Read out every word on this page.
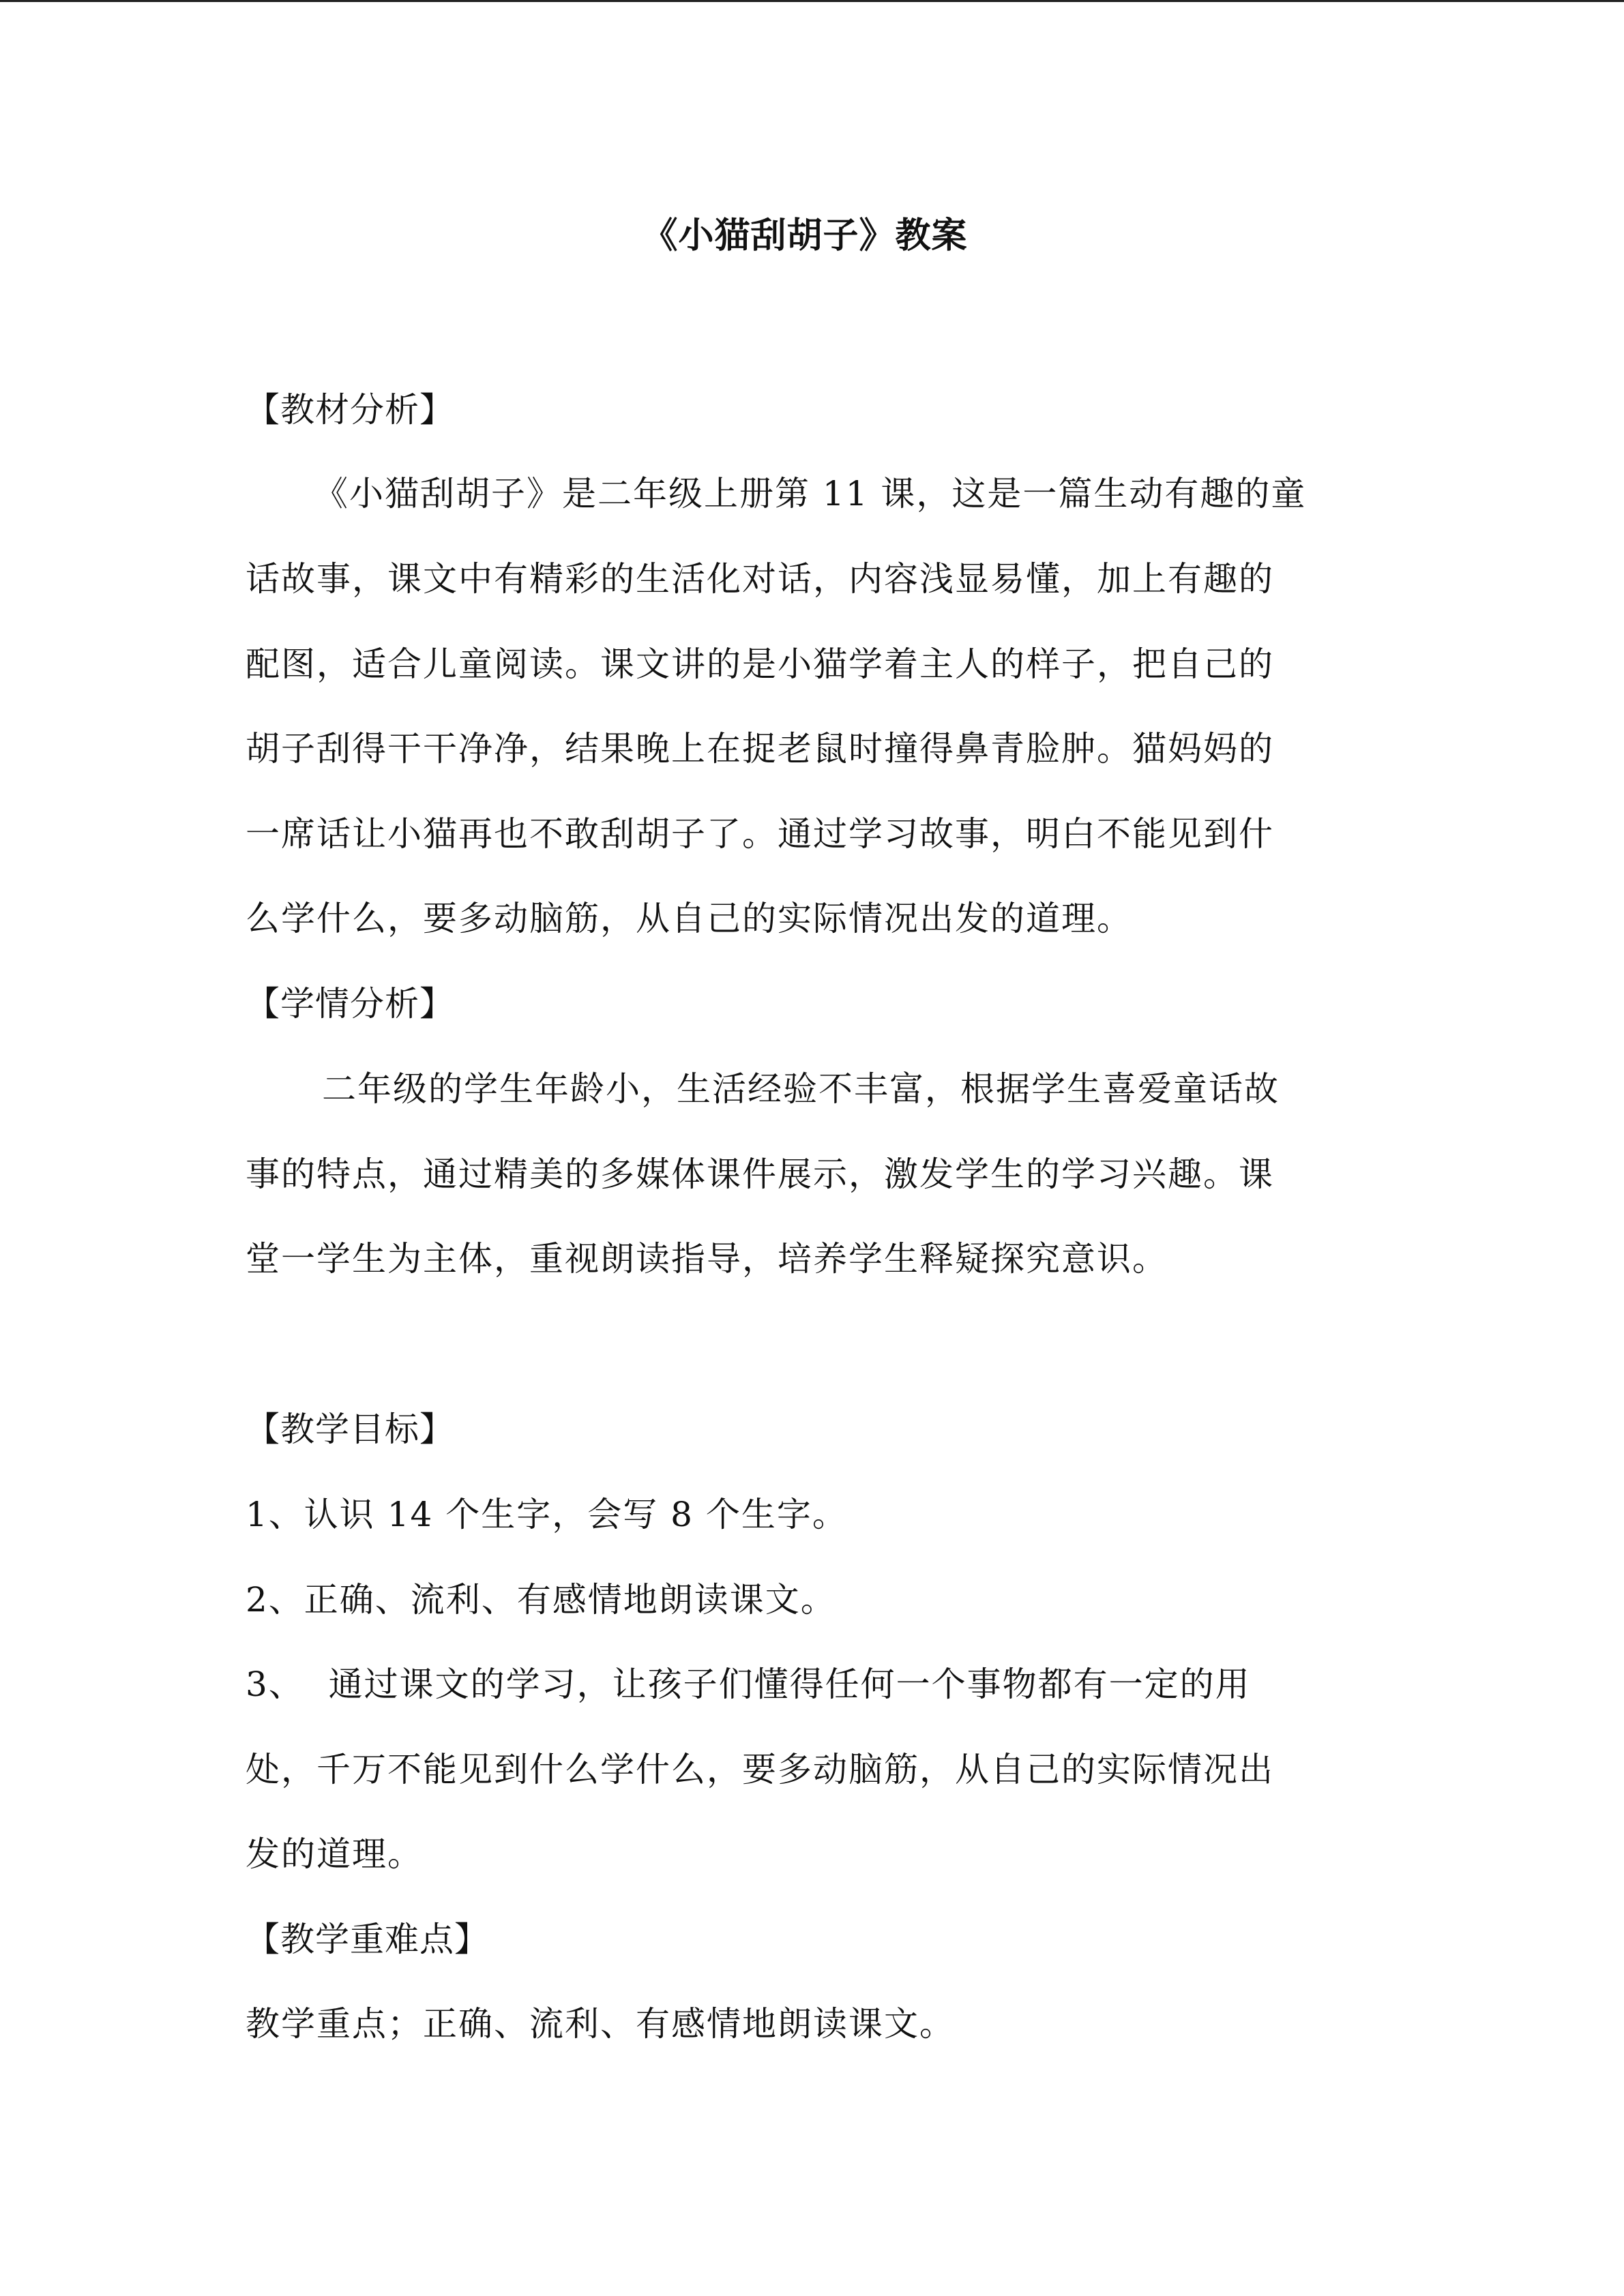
《小猫刮胡子》教案
【教材分析】
《小猫刮胡子》是二年级上册第 11 课，这是一篇生动有趣的童
话故事，课文中有精彩的生活化对话，内容浅显易懂，加上有趣的
配图，适合儿童阅读。课文讲的是小猫学着主人的样子，把自己的
胡子刮得干干净净，结果晚上在捉老鼠时撞得鼻青脸肿。猫妈妈的
一席话让小猫再也不敢刮胡子了。通过学习故事，明白不能见到什
么学什么，要多动脑筋，从自己的实际情况出发的道理。
【学情分析】
二年级的学生年龄小，生活经验不丰富，根据学生喜爱童话故
事的特点，通过精美的多媒体课件展示，激发学生的学习兴趣。课
堂一学生为主体，重视朗读指导，培养学生释疑探究意识。
【教学目标】
1、认识 14 个生字，会写 8 个生字。
2、正确、流利、有感情地朗读课文。
3、  通过课文的学习，让孩子们懂得任何一个事物都有一定的用
处，千万不能见到什么学什么，要多动脑筋，从自己的实际情况出
发的道理。
【教学重难点】
教学重点；正确、流利、有感情地朗读课文。
